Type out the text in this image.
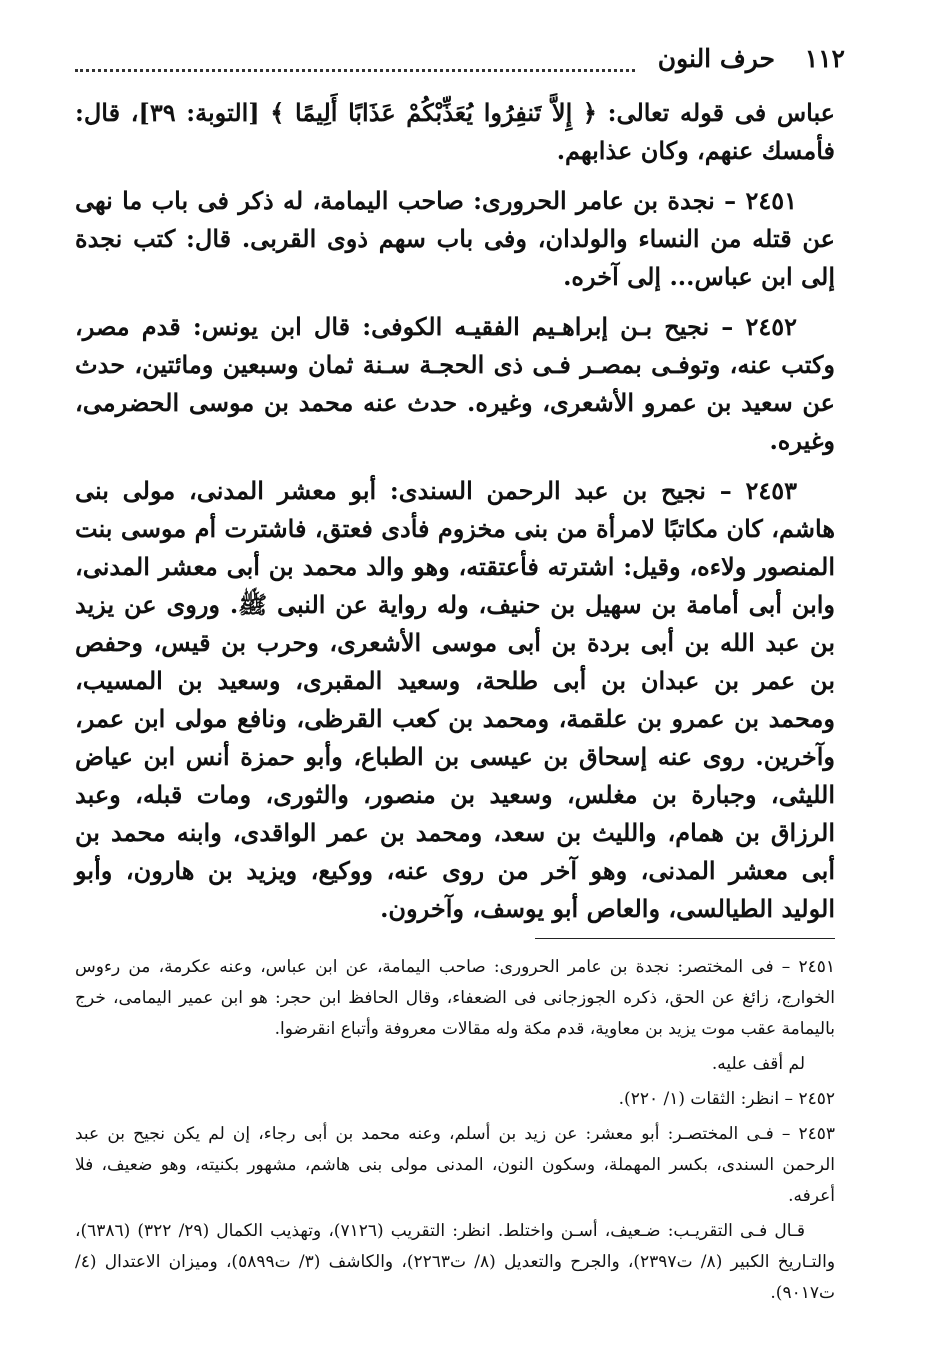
١١٢
حرف النون

عباس فى قوله تعالى: ﴿ إِلاَّ تَنفِرُوا يُعَذِّبْكُمْ عَذَابًا أَلِيمًا ﴾ [التوبة: ٣٩]، قال: فأمسك عنهم، وكان عذابهم.

٢٤٥١ – نجدة بن عامر الحرورى: صاحب اليمامة، له ذكر فى باب ما نهى عن قتله من النساء والولدان، وفى باب سهم ذوى القربى. قال: كتب نجدة إلى ابن عباس... إلى آخره.

٢٤٥٢ – نجيح بـن إبراهـيم الفقيـه الكوفى: قال ابن يونس: قدم مصر، وكتب عنه، وتوفـى بمصـر فـى ذى الحجـة سـنة ثمان وسبعين ومائتين، حدث عن سعيد بن عمرو الأشعرى، وغيره. حدث عنه محمد بن موسى الحضرمى، وغيره.

٢٤٥٣ – نجيح بن عبد الرحمن السندى: أبو معشر المدنى، مولى بنى هاشم، كان مكاتبًا لامرأة من بنى مخزوم فأدى فعتق، فاشترت أم موسى بنت المنصور ولاءه، وقيل: اشترته فأعتقته، وهو والد محمد بن أبى معشر المدنى، وابن أبى أمامة بن سهيل بن حنيف، وله رواية عن النبى ﷺ. وروى عن يزيد بن عبد الله بن أبى بردة بن أبى موسى الأشعرى، وحرب بن قيس، وحفص بن عمر بن عبدان بن أبى طلحة، وسعيد المقبرى، وسعيد بن المسيب، ومحمد بن عمرو بن علقمة، ومحمد بن كعب القرظى، ونافع مولى ابن عمر، وآخرين. روى عنه إسحاق بن عيسى بن الطباع، وأبو حمزة أنس ابن عياض الليثى، وجبارة بن مغلس، وسعيد بن منصور، والثورى، ومات قبله، وعبد الرزاق بن همام، والليث بن سعد، ومحمد بن عمر الواقدى، وابنه محمد بن أبى معشر المدنى، وهو آخر من روى عنه، ووكيع، ويزيد بن هارون، وأبو الوليد الطيالسى، والعاص أبو يوسف، وآخرون.

٢٤٥١ – فى المختصر: نجدة بن عامر الحرورى: صاحب اليمامة، عن ابن عباس، وعنه عكرمة، من رءوس الخوارج، زائغ عن الحق، ذكره الجوزجانى فى الضعفاء، وقال الحافظ ابن حجر: هو ابن عمير اليمامى، خرج باليمامة عقب موت يزيد بن معاوية، قدم مكة وله مقالات معروفة وأتباع انقرضوا.

لم أقف عليه.

٢٤٥٢ – انظر: الثقات (١/ ٢٢٠).

٢٤٥٣ – فـى المختصـر: أبو معشر: عن زيد بن أسلم، وعنه محمد بن أبى رجاء، إن لم يكن نجيح بن عبد الرحمن السندى، بكسر المهملة، وسكون النون، المدنى مولى بنى هاشم، مشهور بكنيته، وهو ضعيف، فلا أعرفه.

قـال فـى التقريـب: ضـعيف، أسـن واختلط. انظر: التقريب (٧١٢٦)، وتهذيب الكمال (٢٩/ ٣٢٢) (٦٣٨٦)، والتـاريخ الكبير (٨/ ت٢٣٩٧)، والجرح والتعديل (٨/ ت٢٢٦٣)، والكاشف (٣/ ت٥٨٩٩)، وميزان الاعتدال (٤/ ت٩٠١٧).
